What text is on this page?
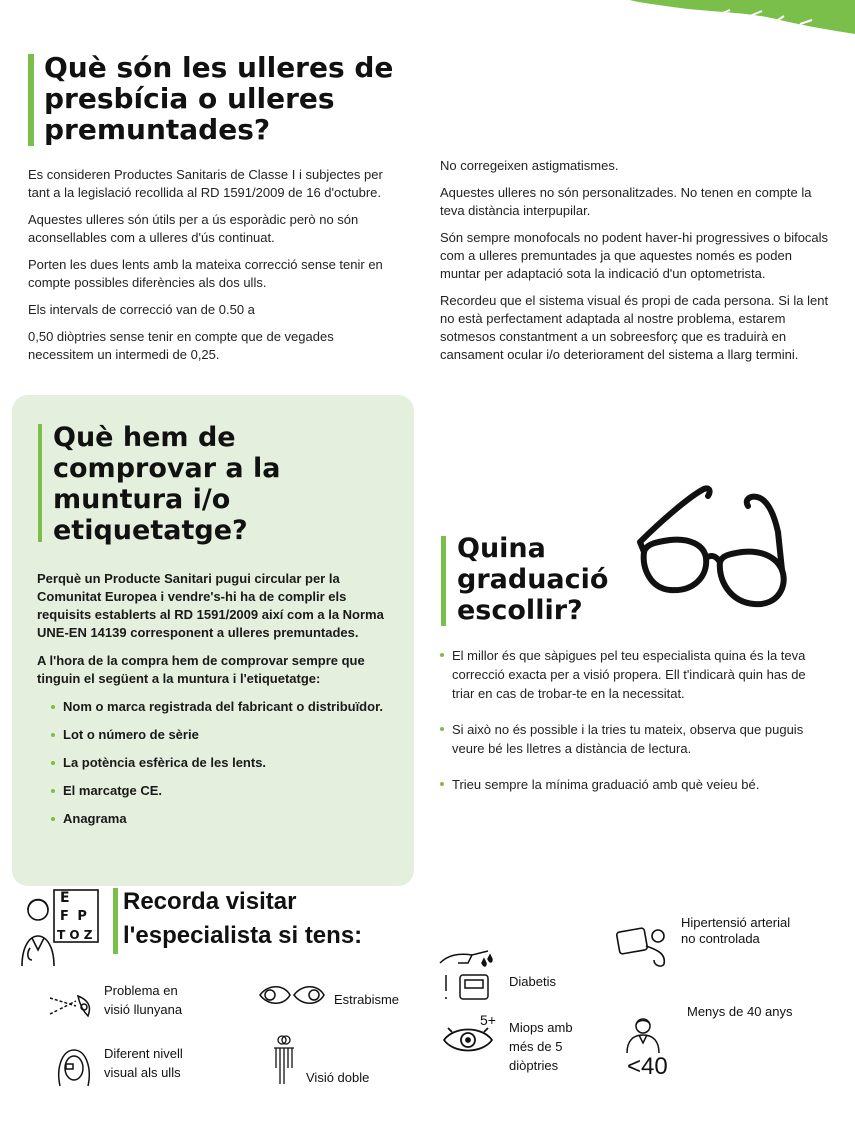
Què són les ulleres de
presbícia o ulleres
premuntades?

Es consideren Productes Sanitaris de Classe I i subjectes per tant a la legislació recollida al RD 1591/2009 de 16 d'octubre.

Aquestes ulleres són útils per a ús esporàdic però no són aconsellables com a ulleres d'ús continuat.

Porten les dues lents amb la mateixa correcció sense tenir en compte possibles diferències als dos ulls.

Els intervals de correcció van de 0.50 a

0,50 diòptries sense tenir en compte que de vegades necessitem un intermedi de 0,25.

No corregeixen astigmatismes.

Aquestes ulleres no són personalitzades. No tenen en compte la teva distància interpupilar.

Són sempre monofocals no podent haver-hi progressives o bifocals com a ulleres premuntades ja que aquestes només es poden muntar per adaptació sota la indicació d'un optometrista.

Recordeu que el sistema visual és propi de cada persona. Si la lent no està perfectament adaptada al nostre problema, estarem sotmesos constantment a un sobreesforç que es traduirà en cansament ocular i/o deteriorament del sistema a llarg termini.

Què hem de
comprovar a la
muntura i/o
etiquetatge?

Perquè un Producte Sanitari pugui circular per la Comunitat Europea i vendre's-hi ha de complir els requisits establerts al RD 1591/2009 així com a la Norma UNE-EN 14139 corresponent a ulleres premuntades.

A l'hora de la compra hem de comprovar sempre que tinguin el següent a la muntura i l'etiquetatge:

Nom o marca registrada del fabricant o distribuïdor.
Lot o número de sèrie
La potència esfèrica de les lents.
El marcatge CE.
Anagrama
Quina
graduació
escollir?
El millor és que sàpigues pel teu especialista quina és la teva correcció exacta per a visió propera. Ell t'indicarà quin has de triar en cas de trobar-te en la necessitat.
Si això no és possible i la tries tu mateix, observa que puguis veure bé les lletres a distància de lectura.
Trieu sempre la mínima graduació amb què veieu bé.
E
F P
T O Z
Recorda visitar
l'especialista si tens:
Problema en visió llunyana
Estrabisme
Diferent nivell visual als ulls	Visió doble
Diabetis
5+ Miops amb més de 5 diòptries
Hipertensió arterial no controlada
Menys de 40 anys
<40
